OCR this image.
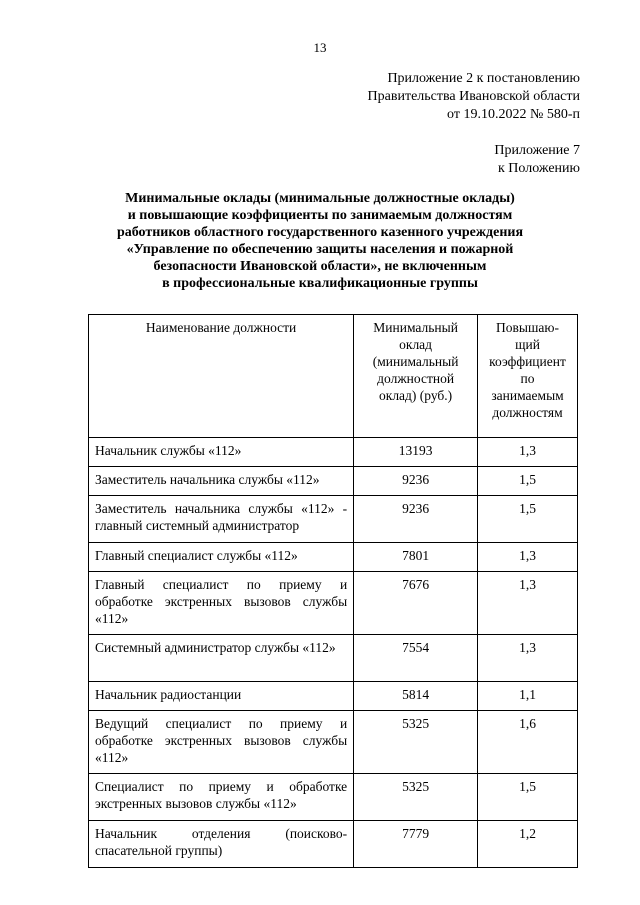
13
Приложение 2 к постановлению
Правительства Ивановской области
от 19.10.2022 № 580-п
Приложение 7
к Положению
Минимальные оклады (минимальные должностные оклады)
и повышающие коэффициенты по занимаемым должностям
работников областного государственного казенного учреждения
«Управление по обеспечению защиты населения и пожарной
безопасности Ивановской области», не включенным
в профессиональные квалификационные группы
Наименование должности	Минимальный оклад (минимальный должностной оклад) (руб.)	Повышаю-щий коэффициент по занимаемым должностям
Начальник службы «112»	13193	1,3
Заместитель начальника службы «112»	9236	1,5
Заместитель начальника службы «112» - главный системный администратор	9236	1,5
Главный специалист службы «112»	7801	1,3
Главный специалист по приему и обработке экстренных вызовов службы «112»	7676	1,3
Системный администратор службы «112»	7554	1,3
Начальник радиостанции	5814	1,1
Ведущий специалист по приему и обработке экстренных вызовов службы «112»	5325	1,6
Специалист по приему и обработке экстренных вызовов службы «112»	5325	1,5
Начальник отделения (поисково-спасательной группы)	7779	1,2
